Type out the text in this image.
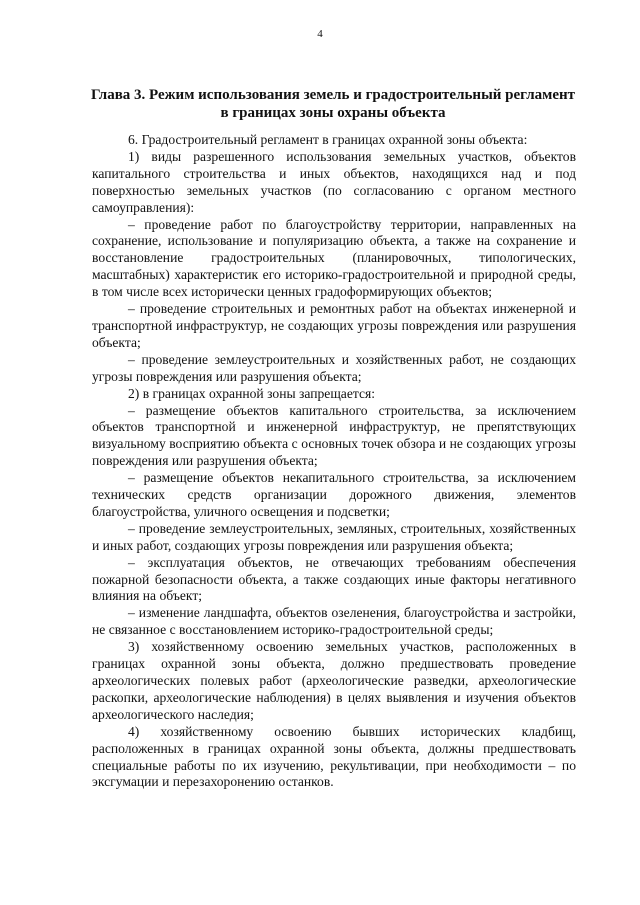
4
Глава 3. Режим использования земель и градостроительный регламент в границах зоны охраны объекта

6. Градостроительный регламент в границах охранной зоны объекта:

1) виды разрешенного использования земельных участков, объектов капитального строительства и иных объектов, находящихся над и под поверхностью земельных участков (по согласованию с органом местного самоуправления):

– проведение работ по благоустройству территории, направленных на сохранение, использование и популяризацию объекта, а также на сохранение и восстановление градостроительных (планировочных, типологических, масштабных) характеристик его историко-градостроительной и природной среды, в том числе всех исторически ценных градоформирующих объектов;

– проведение строительных и ремонтных работ на объектах инженерной и транспортной инфраструктур, не создающих угрозы повреждения или разрушения объекта;

– проведение землеустроительных и хозяйственных работ, не создающих угрозы повреждения или разрушения объекта;

2) в границах охранной зоны запрещается:

– размещение объектов капитального строительства, за исключением объектов транспортной и инженерной инфраструктур, не препятствующих визуальному восприятию объекта с основных точек обзора и не создающих угрозы повреждения или разрушения объекта;

– размещение объектов некапитального строительства, за исключением технических средств организации дорожного движения, элементов благоустройства, уличного освещения и подсветки;

– проведение землеустроительных, земляных, строительных, хозяйственных и иных работ, создающих угрозы повреждения или разрушения объекта;

– эксплуатация объектов, не отвечающих требованиям обеспечения пожарной безопасности объекта, а также создающих иные факторы негативного влияния на объект;

– изменение ландшафта, объектов озеленения, благоустройства и застройки, не связанное с восстановлением историко-градостроительной среды;

3) хозяйственному освоению земельных участков, расположенных в границах охранной зоны объекта, должно предшествовать проведение археологических полевых работ (археологические разведки, археологические раскопки, археологические наблюдения) в целях выявления и изучения объектов археологического наследия;

4) хозяйственному освоению бывших исторических кладбищ, расположенных в границах охранной зоны объекта, должны предшествовать специальные работы по их изучению, рекультивации, при необходимости – по эксгумации и перезахоронению останков.
